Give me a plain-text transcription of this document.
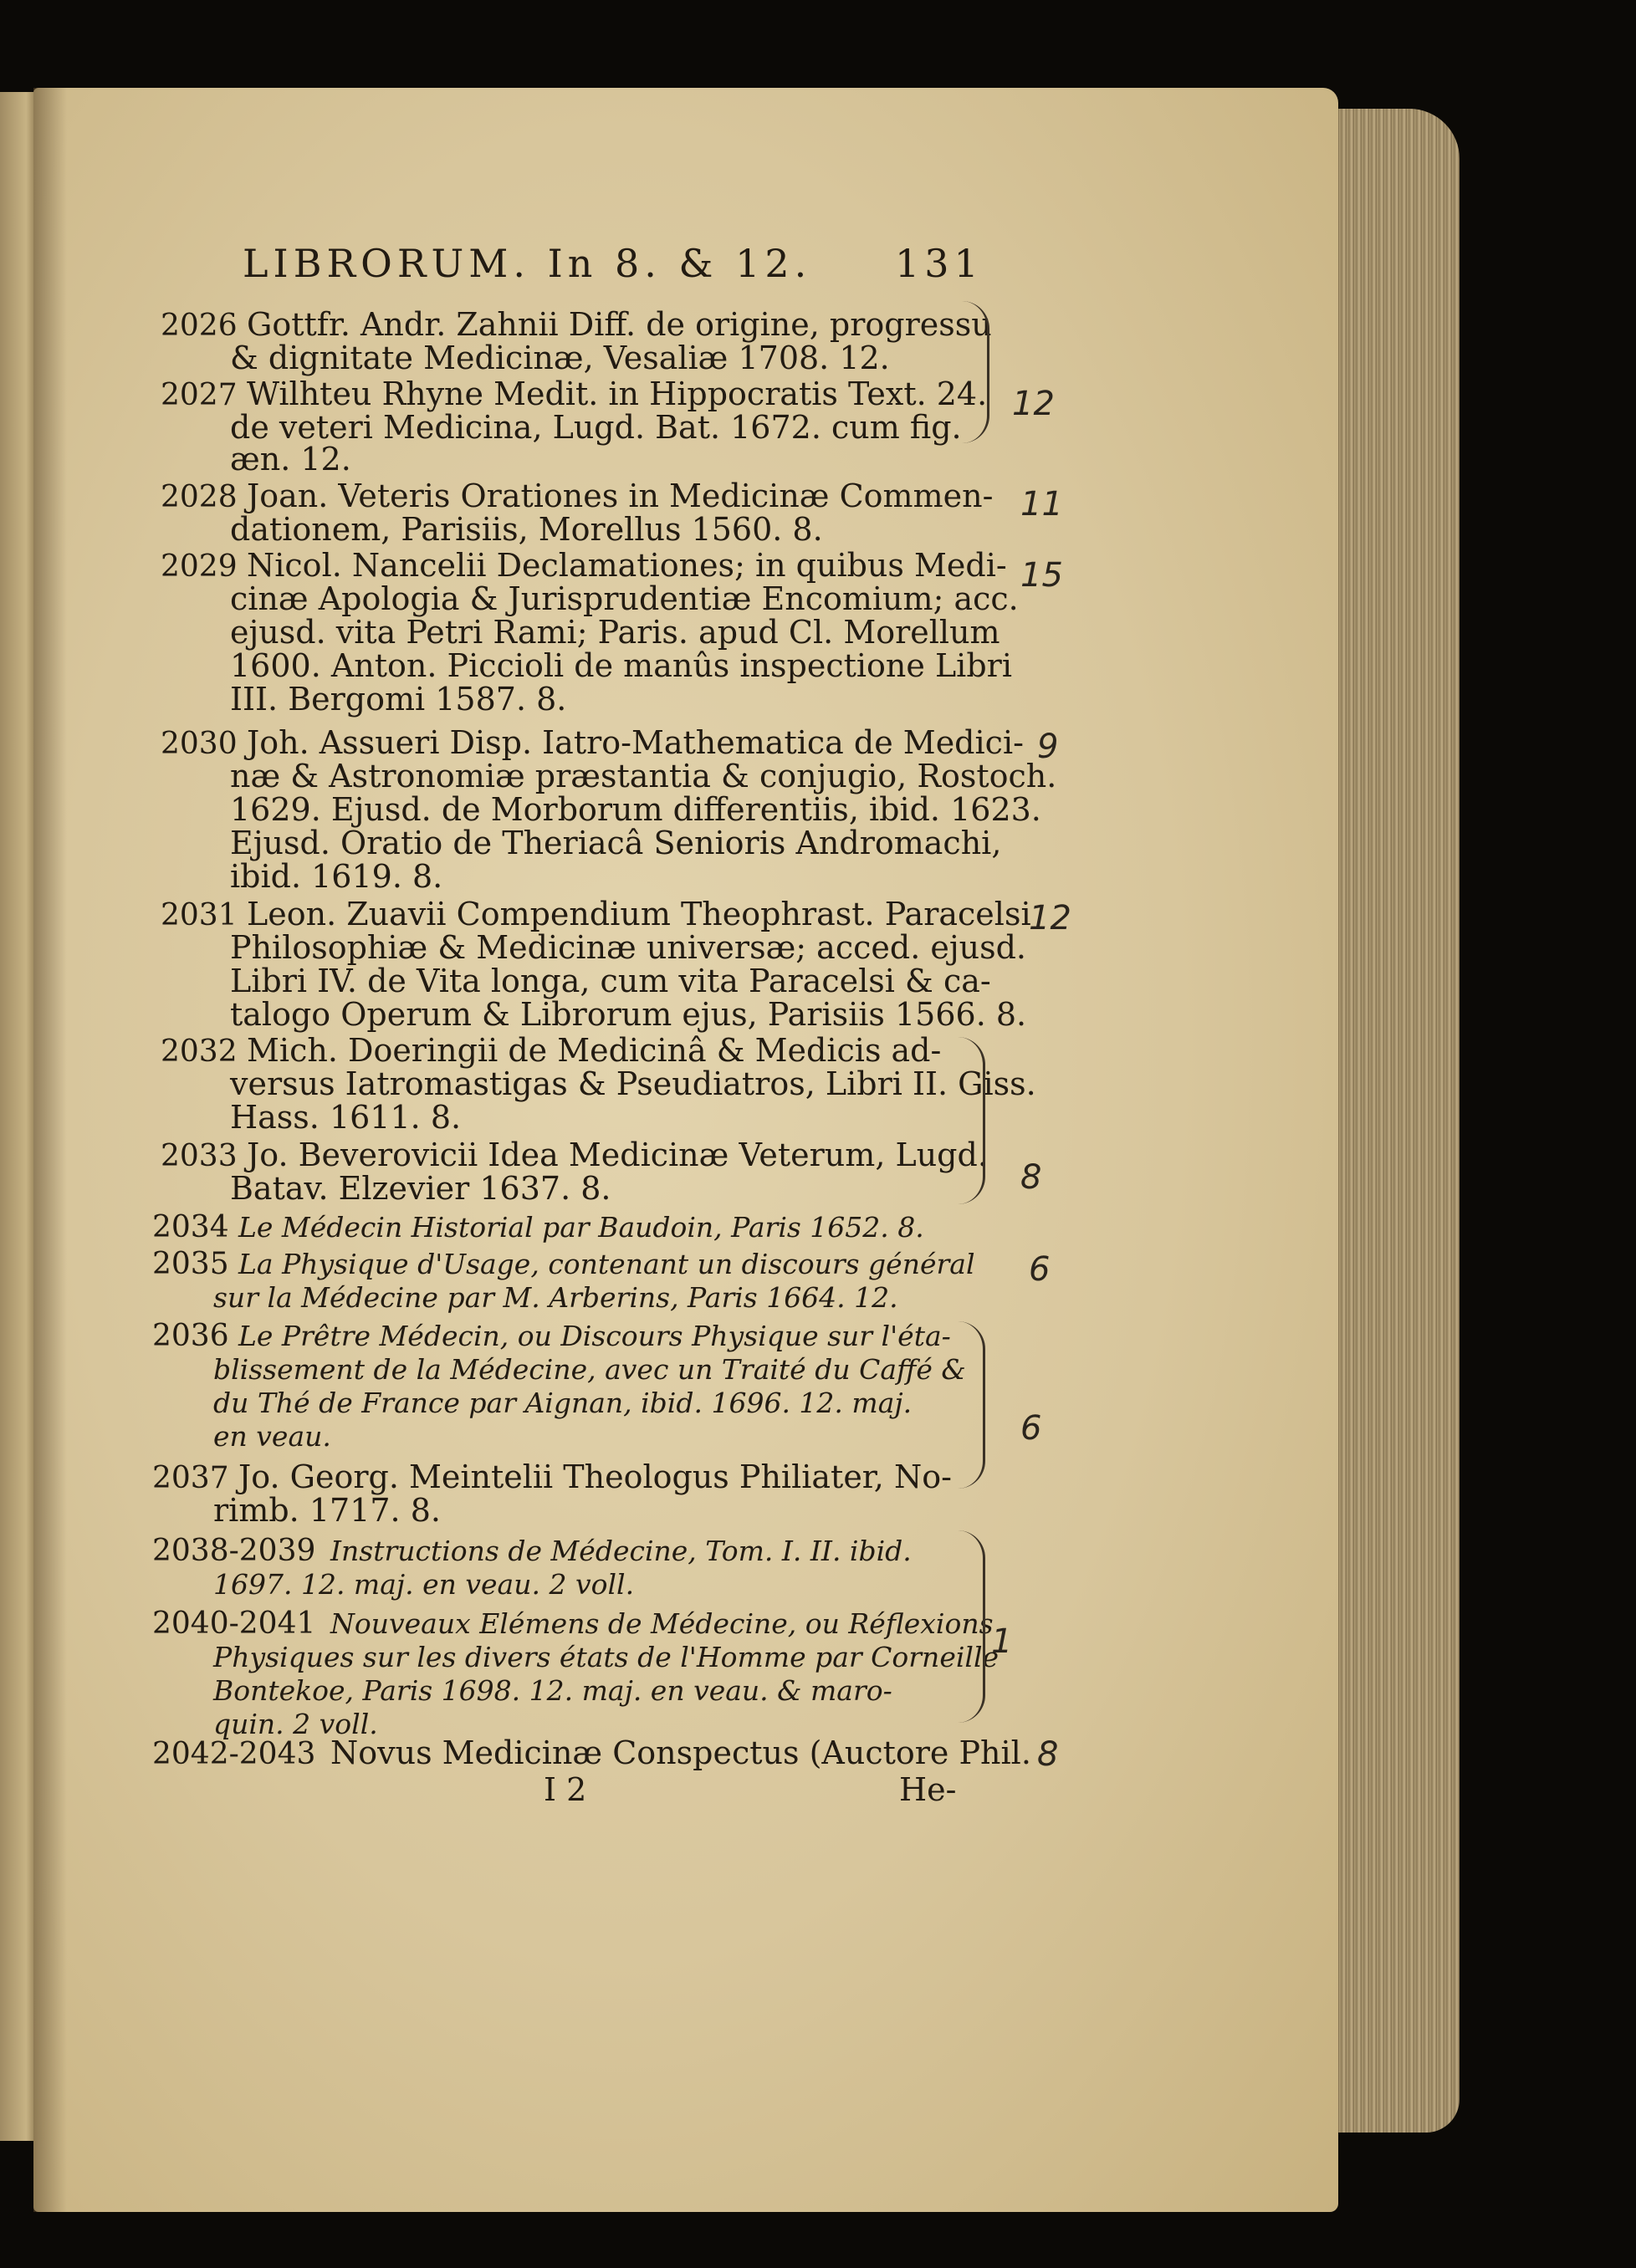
LIBRORUM. In 8. & 12. 131
2026 Gottfr. Andr. Zahnii Diff. de origine, progressu
& dignitate Medicinæ, Vesaliæ 1708. 12.
2027 Wilhteu Rhyne Medit. in Hippocratis Text. 24.
de veteri Medicina, Lugd. Bat. 1672. cum fig.
æn. 12.
2028 Joan. Veteris Orationes in Medicinæ Commen-
dationem, Parisiis, Morellus 1560. 8.
2029 Nicol. Nancelii Declamationes; in quibus Medi-
cinæ Apologia & Jurisprudentiæ Encomium; acc.
ejusd. vita Petri Rami; Paris. apud Cl. Morellum
1600. Anton. Piccioli de manûs inspectione Libri
III. Bergomi 1587. 8.
2030 Joh. Assueri Disp. Iatro-Mathematica de Medici-
næ & Astronomiæ præstantia & conjugio, Rostoch.
1629. Ejusd. de Morborum differentiis, ibid. 1623.
Ejusd. Oratio de Theriacâ Senioris Andromachi,
ibid. 1619. 8.
2031 Leon. Zuavii Compendium Theophrast. Paracelsi
Philosophiæ & Medicinæ universæ; acced. ejusd.
Libri IV. de Vita longa, cum vita Paracelsi & ca-
talogo Operum & Librorum ejus, Parisiis 1566. 8.
2032 Mich. Doeringii de Medicinâ & Medicis ad-
versus Iatromastigas & Pseudiatros, Libri II. Giss.
Hass. 1611. 8.
2033 Jo. Beverovicii Idea Medicinæ Veterum, Lugd.
Batav. Elzevier 1637. 8.
2034 Le Médecin Historial par Baudoin, Paris 1652. 8.
2035 La Physique d'Usage, contenant un discours général
sur la Médecine par M. Arberins, Paris 1664. 12.
2036 Le Prêtre Médecin, ou Discours Physique sur l'éta-
blissement de la Médecine, avec un Traité du Caffé &
du Thé de France par Aignan, ibid. 1696. 12. maj.
en veau.
2037 Jo. Georg. Meintelii Theologus Philiater, No-
rimb. 1717. 8.
2038-2039 Instructions de Médecine, Tom. I. II. ibid.
1697. 12. maj. en veau. 2 voll.
2040-2041 Nouveaux Elémens de Médecine, ou Réflexions
Physiques sur les divers états de l'Homme par Corneille
Bontekoe, Paris 1698. 12. maj. en veau. & maro-
quin. 2 voll.
2042-2043 Novus Medicinæ Conspectus (Auctore Phil.
I 2	He-
12
11
15
9
12
8
6
6
1
8
